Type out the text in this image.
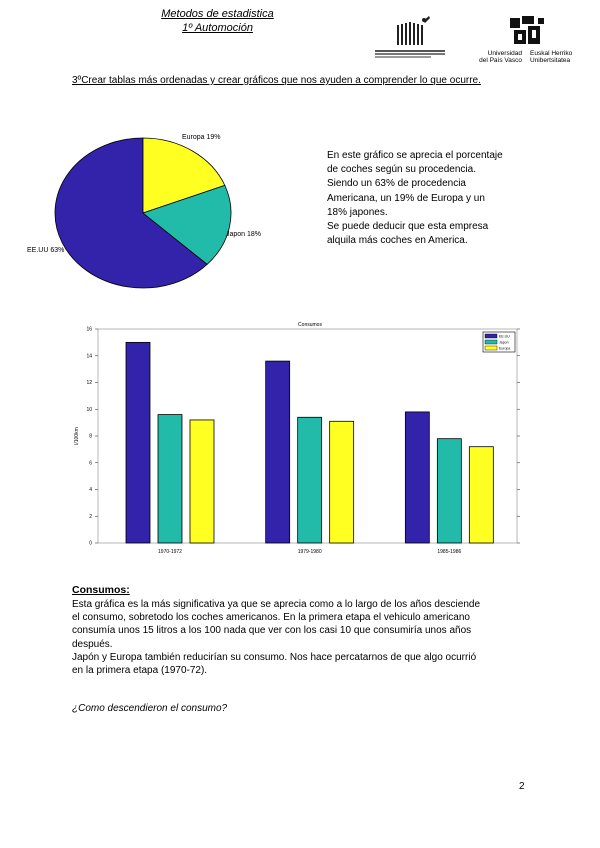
Metodos de estadistica
1º Automoción
Universidad
del País Vasco
Euskal Herriko
Unibertsitatea
3ºCrear tablas más ordenadas y crear gráficos que nos ayuden a comprender lo que ocurre.
Europa 19%
Japon 18%
EE.UU 63%

En este gráfico se aprecia el porcentaje

de coches según su procedencia.

Siendo un 63% de procedencia

Americana, un 19% de Europa y un

18% japones.

Se puede deducir que esta empresa

alquila más coches en America.

Consumos
0
2
4
6
8
10
12
14
16
l/100km
1970-1972	1979-1980	1985-1986
EE.UU
Japon
Europa
Consumos:

Esta gráfica es la más significativa ya que se aprecia como a lo largo de los años desciende

el consumo, sobretodo los coches americanos. En la primera etapa el vehiculo americano

consumía unos 15 litros a los 100 nada que ver con los casi 10 que consumiría unos años

después.

Japón y Europa también reducirían su consumo. Nos hace percatarnos de que algo ocurrió

en la primera etapa (1970-72).

¿Como descendieron el consumo?
2
